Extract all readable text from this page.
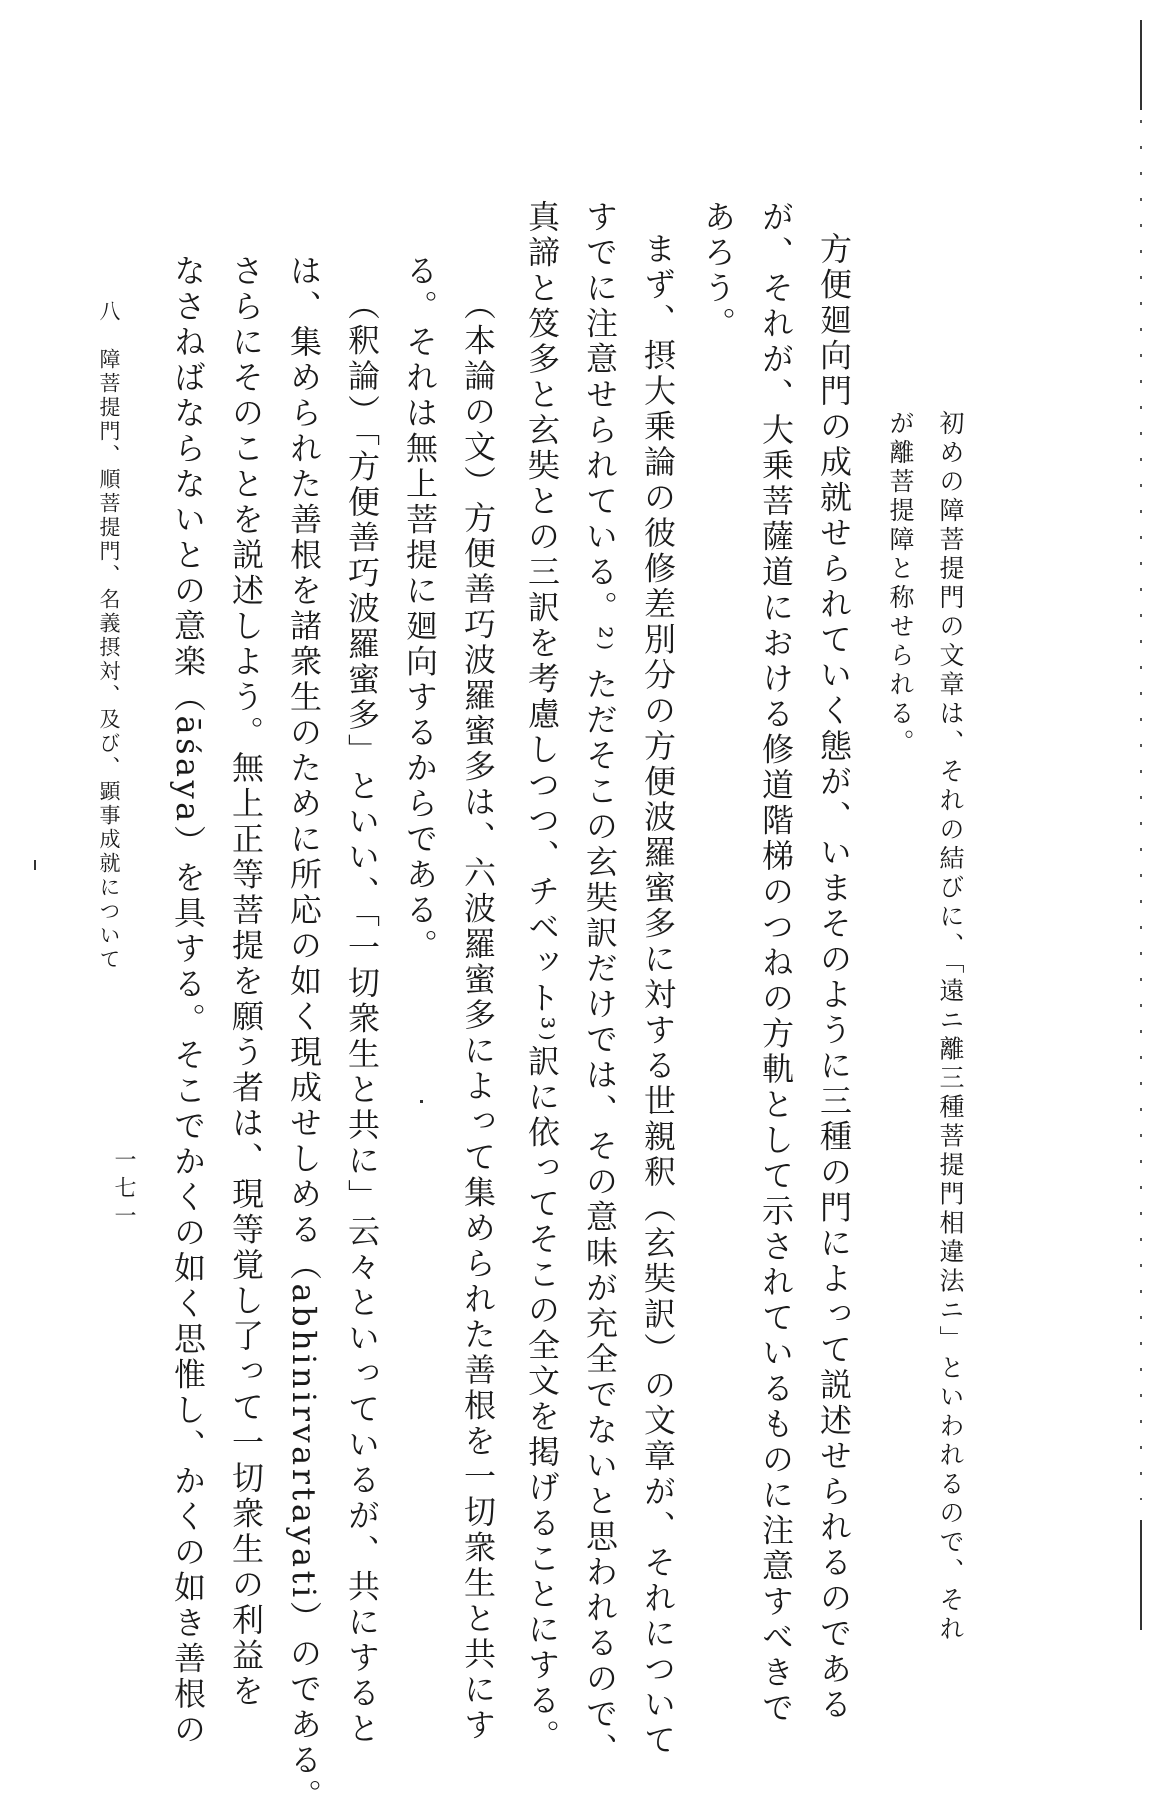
初めの障菩提門の文章は、それの結びに、「遠ニ離三種菩提門相違法ニ」といわれるので、それ
が離菩提障と称せられる。
方便廻向門の成就せられていく態が、いまそのように三種の門によって説述せられるのである
が、それが、大乗菩薩道における修道階梯のつねの方軌として示されているものに注意すべきで
あろう。
まず、摂大乗論の彼修差別分の方便波羅蜜多に対する世親釈（玄奘訳）の文章が、それについて
すでに注意せられている。²⁾ ただそこの玄奘訳だけでは、その意味が充全でないと思われるので、
真諦と笈多と玄奘との三訳を考慮しつつ、チベット³⁾訳に依ってそこの全文を掲げることにする。
（本論の文）方便善巧波羅蜜多は、六波羅蜜多によって集められた善根を一切衆生と共にす
る。それは無上菩提に廻向するからである。
（釈論）「方便善巧波羅蜜多」といい、「一切衆生と共に」云々といっているが、共にすると
は、集められた善根を諸衆生のために所応の如く現成せしめる（abhinirvartayati）のである。
さらにそのことを説述しよう。無上正等菩提を願う者は、現等覚し了って一切衆生の利益を
なさねばならないとの意楽（āśaya）を具する。そこでかくの如く思惟し、かくの如き善根の
八　障菩提門、順菩提門、名義摂対、及び、顕事成就について
一七一
